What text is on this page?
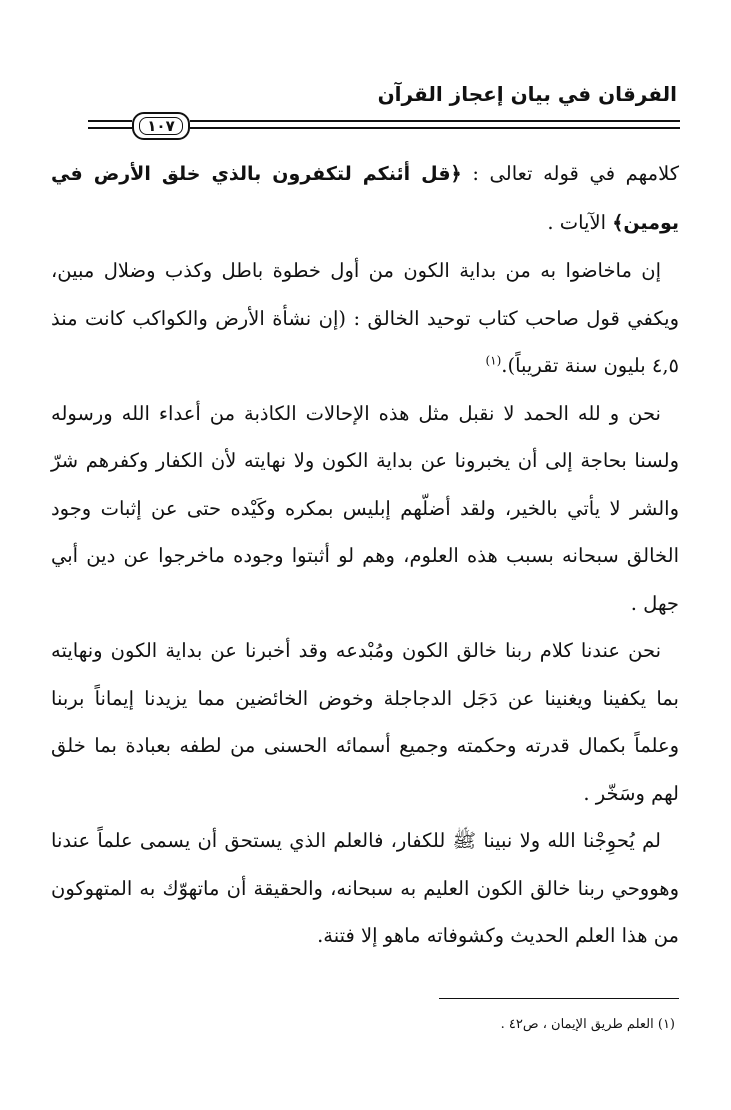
الفرقان في بيان إعجاز القرآن
١٠٧

كلامهم في قوله تعالى : ﴿قل أئنكم لتكفرون بالذي خلق الأرض في يومين﴾ الآيات .

إن ماخاضوا به من بداية الكون من أول خطوة باطل وكذب وضلال مبين، ويكفي قول صاحب كتاب توحيد الخالق : (إن نشأة الأرض والكواكب كانت منذ ٤,٥ بليون سنة تقريباً).$^{(١)}$

نحن و لله الحمد لا نقبل مثل هذه الإحالات الكاذبة من أعداء الله ورسوله ولسنا بحاجة إلى أن يخبرونا عن بداية الكون ولا نهايته لأن الكفار وكفرهم شرّ والشر لا يأتي بالخير، ولقد أضلّهم إبليس بمكره وكَيْده حتى عن إثبات وجود الخالق سبحانه بسبب هذه العلوم، وهم لو أثبتوا وجوده ماخرجوا عن دين أبي جهل .

نحن عندنا كلام ربنا خالق الكون ومُبْدعه وقد أخبرنا عن بداية الكون ونهايته بما يكفينا ويغنينا عن دَجَل الدجاجلة وخوض الخائضين مما يزيدنا إيماناً بربنا وعلماً بكمال قدرته وحكمته وجميع أسمائه الحسنى من لطفه بعبادة بما خلق لهم وسَخّر .

لم يُحوِجْنا الله ولا نبينا ﷺ للكفار، فالعلم الذي يستحق أن يسمى علماً عندنا وهووحي ربنا خالق الكون العليم به سبحانه، والحقيقة أن ماتهوّك به المتهوكون من هذا العلم الحديث وكشوفاته ماهو إلا فتنة.

(١) العلم طريق الإيمان ، ص٤٢ .
